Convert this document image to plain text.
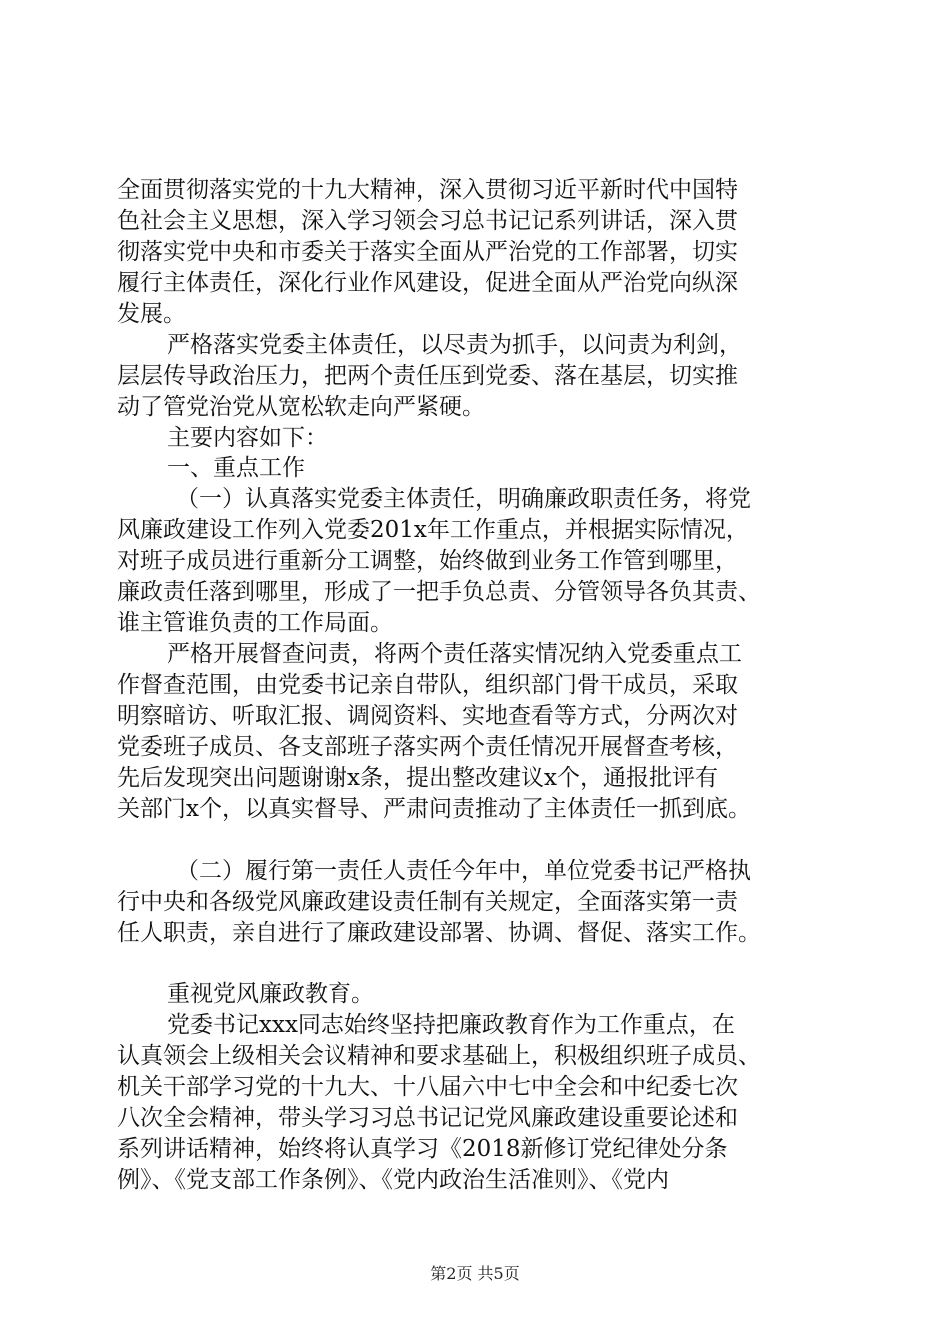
全面贯彻落实党的十九大精神，深入贯彻习近平新时代中国特
色社会主义思想，深入学习领会习总书记记系列讲话，深入贯
彻落实党中央和市委关于落实全面从严治党的工作部署，切实
履行主体责任，深化行业作风建设，促进全面从严治党向纵深
发展。
严格落实党委主体责任，以尽责为抓手，以问责为利剑，
层层传导政治压力，把两个责任压到党委、落在基层，切实推
动了管党治党从宽松软走向严紧硬。
主要内容如下：
一、重点工作
（一）认真落实党委主体责任，明确廉政职责任务，将党
风廉政建设工作列入党委201x年工作重点，并根据实际情况，
对班子成员进行重新分工调整，始终做到业务工作管到哪里，
廉政责任落到哪里，形成了一把手负总责、分管领导各负其责、
谁主管谁负责的工作局面。
严格开展督查问责，将两个责任落实情况纳入党委重点工
作督查范围，由党委书记亲自带队，组织部门骨干成员，采取
明察暗访、听取汇报、调阅资料、实地查看等方式，分两次对
党委班子成员、各支部班子落实两个责任情况开展督查考核，
先后发现突出问题谢谢x条，提出整改建议x个，通报批评有
关部门x个，以真实督导、严肃问责推动了主体责任一抓到底。
（二）履行第一责任人责任今年中，单位党委书记严格执
行中央和各级党风廉政建设责任制有关规定，全面落实第一责
任人职责，亲自进行了廉政建设部署、协调、督促、落实工作。
重视党风廉政教育。
党委书记xxx同志始终坚持把廉政教育作为工作重点，在
认真领会上级相关会议精神和要求基础上，积极组织班子成员、
机关干部学习党的十九大、十八届六中七中全会和中纪委七次
八次全会精神，带头学习习总书记记党风廉政建设重要论述和
系列讲话精神，始终将认真学习《2018新修订党纪律处分条
例》、《党支部工作条例》、《党内政治生活准则》、《党内
第2页 共5页
